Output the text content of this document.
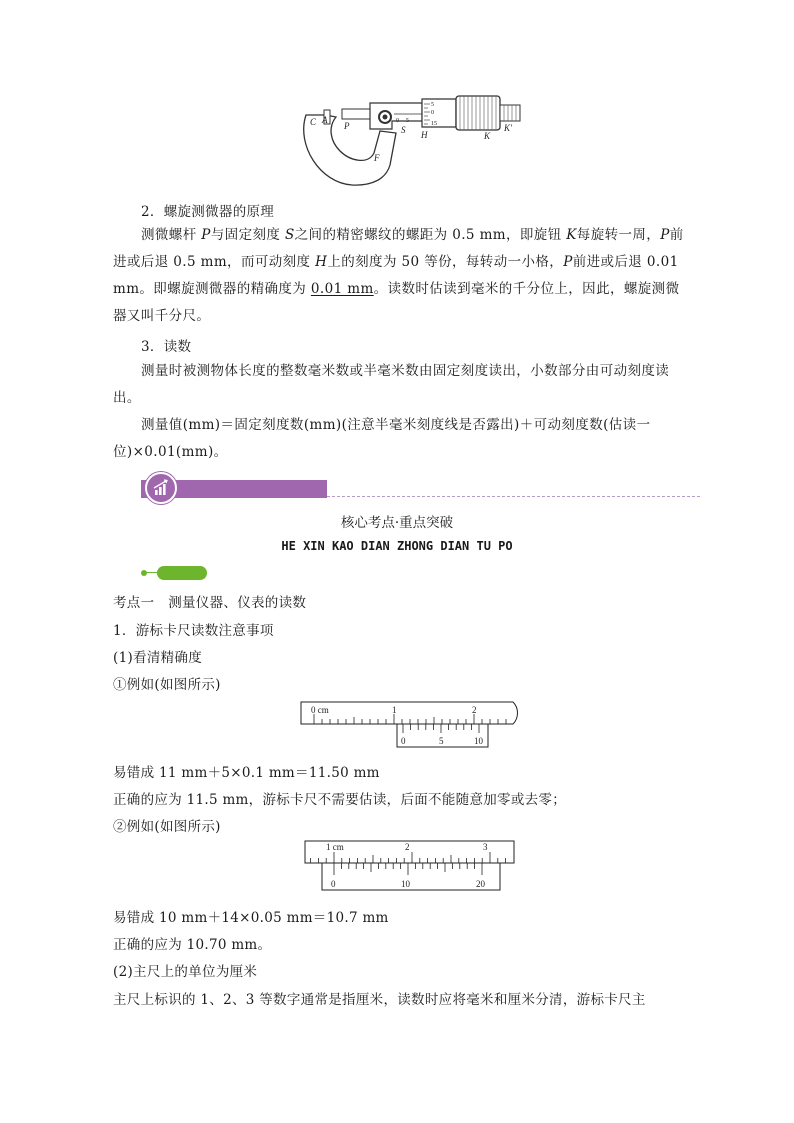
C A
P	S H	K
K′
F
0 5
5
0
15
2．螺旋测微器的原理

测微螺杆 P与固定刻度 S之间的精密螺纹的螺距为 0.5 mm，即旋钮 K每旋转一周，P前进或后退 0.5 mm，而可动刻度 H上的刻度为 50 等份，每转动一小格，P前进或后退 0.01 mm。即螺旋测微器的精确度为 0.01 mm。读数时估读到毫米的千分位上，因此，螺旋测微器又叫千分尺。

3．读数

测量时被测物体长度的整数毫米数或半毫米数由固定刻度读出，小数部分由可动刻度读出。

测量值(mm)＝固定刻度数(mm)(注意半毫米刻度线是否露出)＋可动刻度数(估读一位)×0.01(mm)。

核心考点·重点突破
HE XIN KAO DIAN ZHONG DIAN TU PO
考点一　测量仪器、仪表的读数
1．游标卡尺读数注意事项
(1)看清精确度
①例如(如图所示)
0 cm	1	2
0	5	10
易错成 11 mm＋5×0.1 mm＝11.50 mm
正确的应为 11.5 mm，游标卡尺不需要估读，后面不能随意加零或去零；
②例如(如图所示)
1 cm	2	3
0	10	20
易错成 10 mm＋14×0.05 mm＝10.7 mm
正确的应为 10.70 mm。
(2)主尺上的单位为厘米
主尺上标识的 1、2、3 等数字通常是指厘米，读数时应将毫米和厘米分清，游标卡尺主
